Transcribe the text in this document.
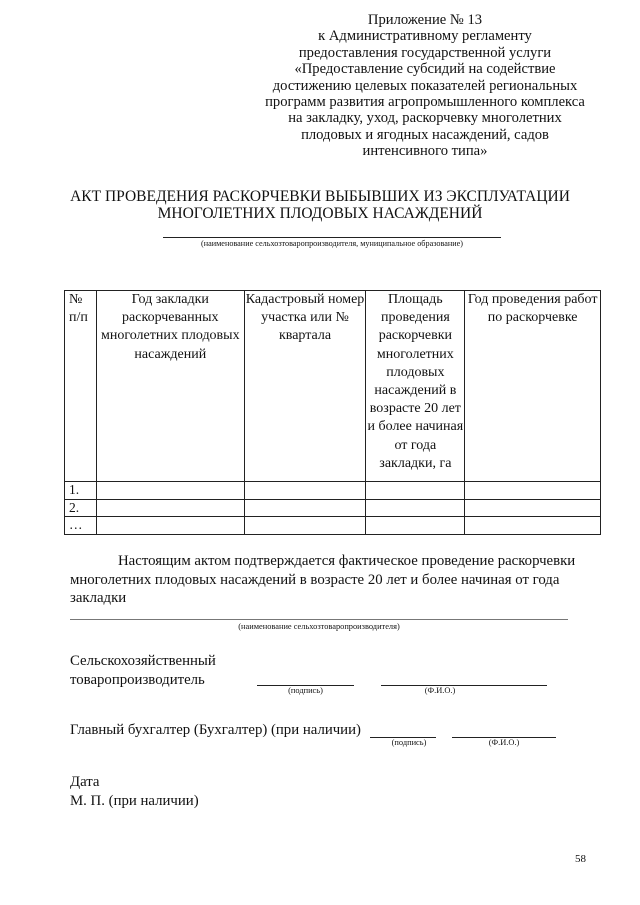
Приложение № 13
к Административному регламенту
предоставления государственной услуги
«Предоставление субсидий на содействие
достижению целевых показателей региональных
программ развития агропромышленного комплекса
на закладку, уход, раскорчевку многолетних
плодовых и ягодных насаждений, садов
интенсивного типа»
АКТ ПРОВЕДЕНИЯ РАСКОРЧЕВКИ ВЫБЫВШИХ ИЗ ЭКСПЛУАТАЦИИ
МНОГОЛЕТНИХ ПЛОДОВЫХ НАСАЖДЕНИЙ
(наименование сельхозтоваропроизводителя, муниципальное образование)
№ п/п	Год закладки раскорчеванных многолетних плодовых насаждений	Кадастровый номер участка или № квартала	Площадь проведения раскорчевки многолетних плодовых насаждений в возрасте 20 лет и более начиная от года закладки, га	Год проведения работ по раскорчевке
1.				
2.				
…				
Настоящим актом подтверждается фактическое проведение раскорчевки
многолетних плодовых насаждений в возрасте 20 лет и более начиная от года
закладки
(наименование сельхозтоваропроизводителя)
Сельскохозяйственный
товаропроизводитель
(подпись)	(Ф.И.О.)
Главный бухгалтер (Бухгалтер) (при наличии)
(подпись)	(Ф.И.О.)
Дата
М. П. (при наличии)
58
